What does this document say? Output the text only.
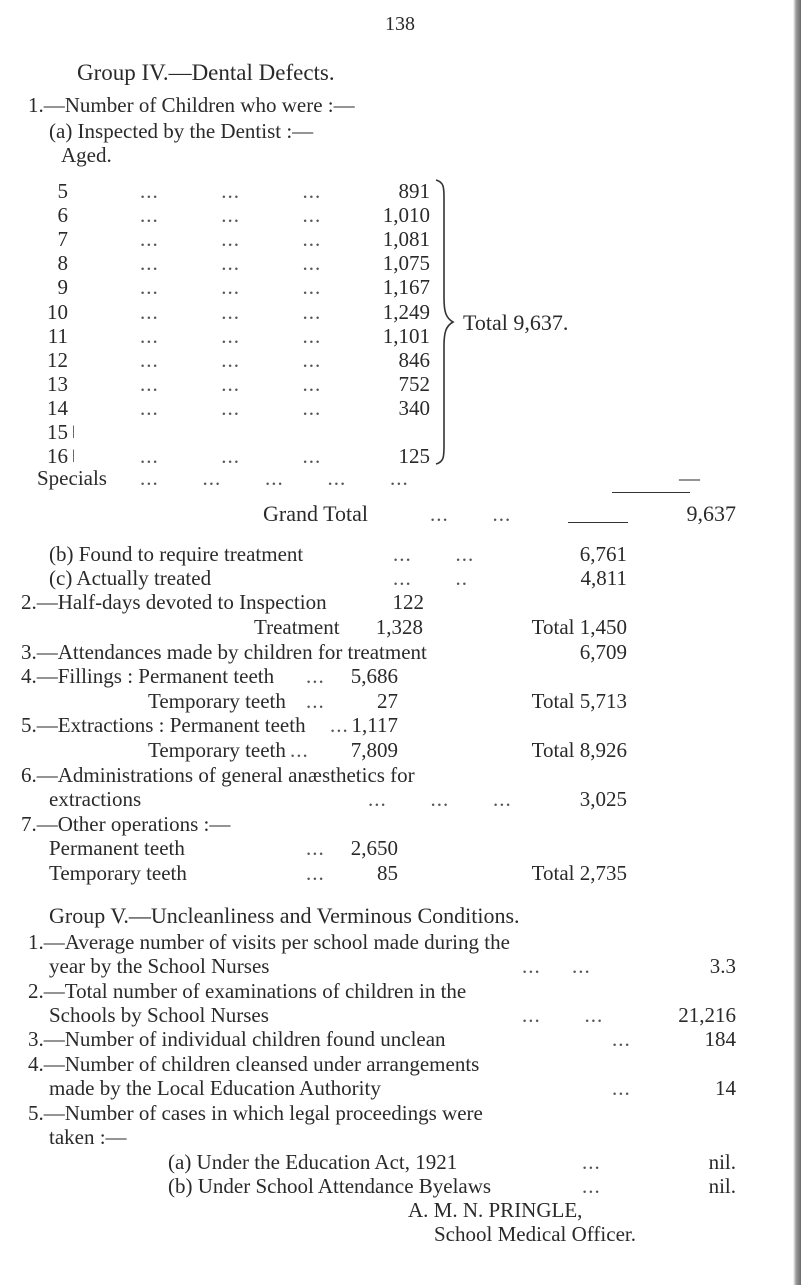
138
Group IV.—Dental Defects.
1.—Number of Children who were :—
(a) Inspected by the Dentist :—
Aged.
5	...          ...          ...	891
6	...          ...          ...	1,010
7	...          ...          ...	1,081
8	...          ...          ...	1,075
9	...          ...          ...	1,167
10	...          ...          ...	1,249
11	...          ...          ...	1,101
12	...          ...          ...	846
13	...          ...          ...	752
14	...          ...          ...	340
15 |
16 |	...          ...          ...	125
Total 9,637.
Specials ...       ...       ...       ...       ...	—
Grand Total	...       ...	9,637
(b) Found to require treatment	...       ...	6,761
(c) Actually treated	...       ..	4,811
2.—Half-days devoted to Inspection	122
Treatment	1,328	Total 1,450
3.—Attendances made by children for treatment	6,709
4.—Fillings : Permanent teeth ...	5,686
Temporary teeth ...	27	Total 5,713
5.—Extractions : Permanent teeth ... 1,117
Temporary teeth ...	7,809	Total 8,926
6.—Administrations of general anæsthetics for
extractions	...       ...       ...	3,025
7.—Other operations :—
Permanent teeth	...	2,650
Temporary teeth	...	85	Total 2,735
Group V.—Uncleanliness and Verminous Conditions.
1.—Average number of visits per school made during the
year by the School Nurses	...     ...	3.3
2.—Total number of examinations of children in the
Schools by School Nurses	...       ...	21,216
3.—Number of individual children found unclean	...	184
4.—Number of children cleansed under arrangements
made by the Local Education Authority	...	14
5.—Number of cases in which legal proceedings were
taken :—
(a) Under the Education Act, 1921	...	nil.
(b) Under School Attendance Byelaws	...	nil.
A. M. N. PRINGLE,
School Medical Officer.
